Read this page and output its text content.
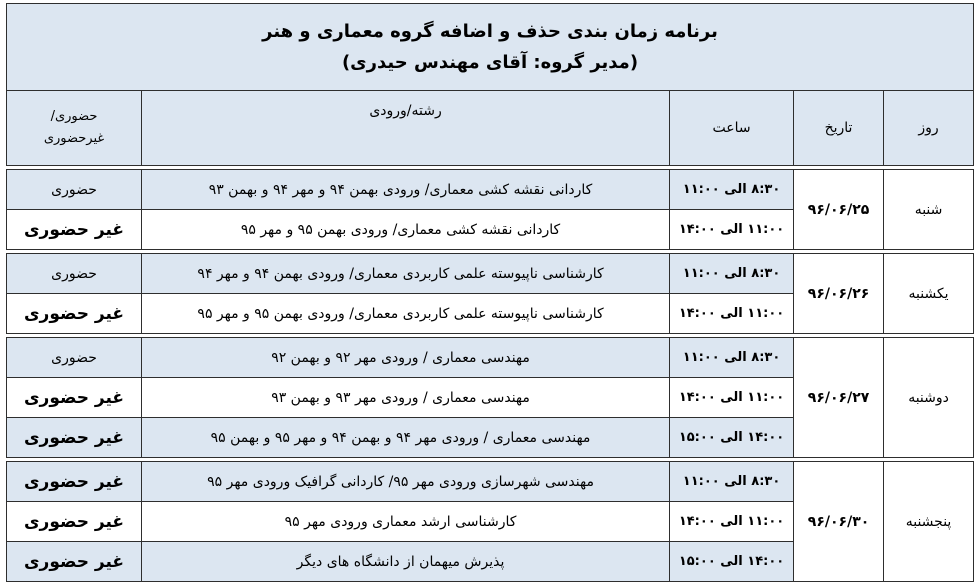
برنامه زمان بندی حذف و اضافه گروه معماری و هنر
(مدیر گروه: آقای مهندس حیدری)				

روز	تاریخ	ساعت	رشته/ورودی	حضوری/
غیرحضوری

شنبه	۹۶/۰۶/۲۵	۸:۳۰ الی ۱۱:۰۰	کاردانی نقشه کشی معماری/ ورودی بهمن ۹۴ و مهر ۹۴ و بهمن ۹۳	حضوری
		۱۱:۰۰ الی ۱۴:۰۰	کاردانی نقشه کشی معماری/ ورودی بهمن ۹۵ و مهر ۹۵	غیر حضوری

یکشنبه	۹۶/۰۶/۲۶	۸:۳۰ الی ۱۱:۰۰	کارشناسی ناپیوسته علمی کاربردی معماری/ ورودی بهمن ۹۴ و مهر ۹۴	حضوری
		۱۱:۰۰ الی ۱۴:۰۰	کارشناسی ناپیوسته علمی کاربردی معماری/ ورودی بهمن ۹۵ و مهر ۹۵	غیر حضوری

دوشنبه	۹۶/۰۶/۲۷	۸:۳۰ الی ۱۱:۰۰	مهندسی معماری / ورودی مهر ۹۲ و بهمن ۹۲	حضوری
		۱۱:۰۰ الی ۱۴:۰۰	مهندسی معماری / ورودی مهر ۹۳ و بهمن ۹۳	غیر حضوری
		۱۴:۰۰ الی ۱۵:۰۰	مهندسی معماری / ورودی مهر ۹۴ و بهمن ۹۴ و مهر ۹۵ و بهمن ۹۵	غیر حضوری

پنجشنبه	۹۶/۰۶/۳۰	۸:۳۰ الی ۱۱:۰۰	مهندسی شهرسازی ورودی مهر ۹۵/ کاردانی گرافیک ورودی مهر ۹۵	غیر حضوری
		۱۱:۰۰ الی ۱۴:۰۰	کارشناسی ارشد معماری ورودی مهر ۹۵	غیر حضوری
		۱۴:۰۰ الی ۱۵:۰۰	پذیرش میهمان از دانشگاه های دیگر	غیر حضوری
